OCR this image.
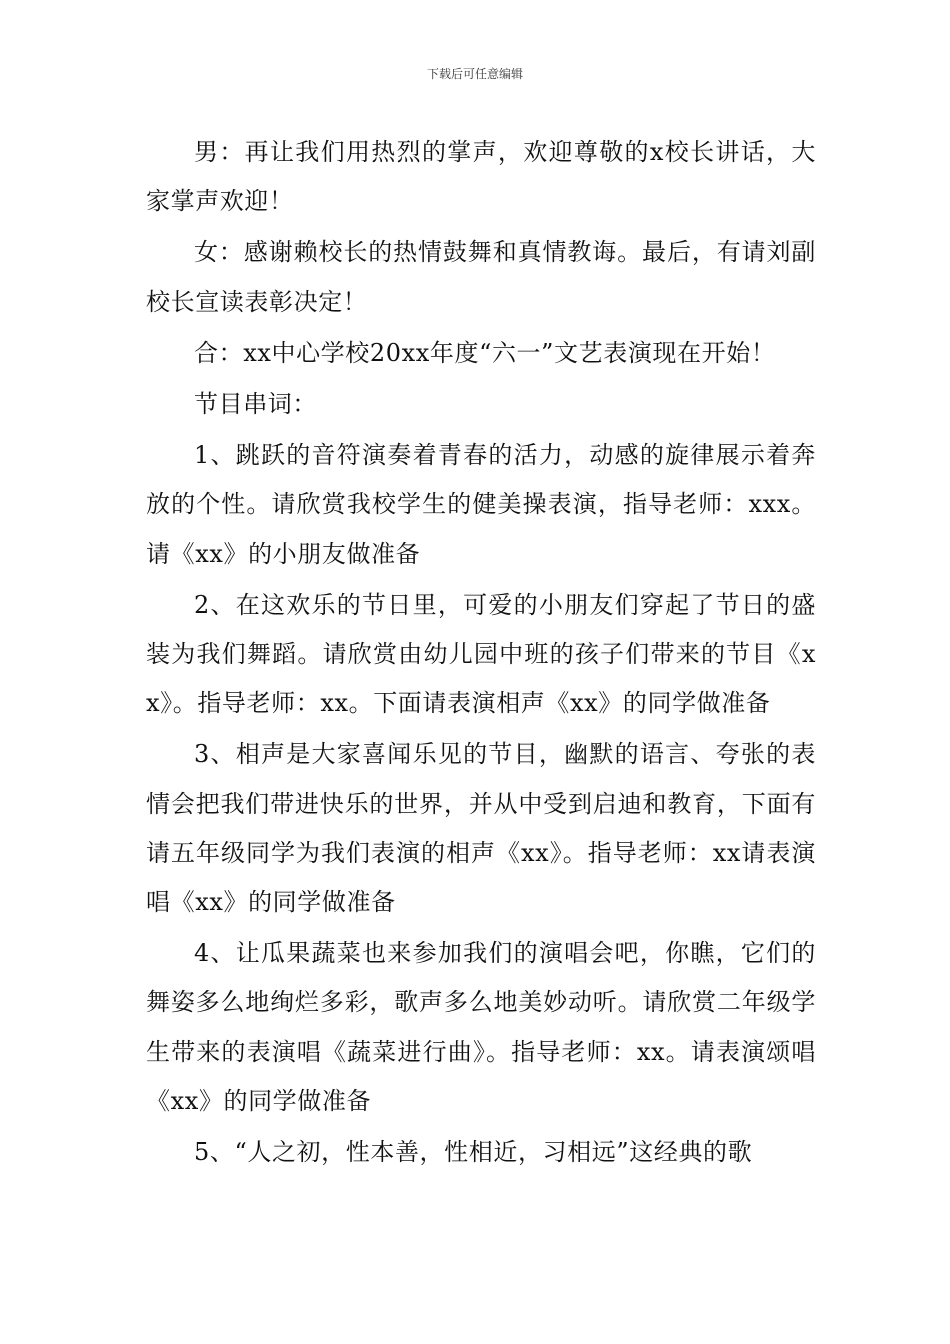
下载后可任意编辑

男：再让我们用热烈的掌声，欢迎尊敬的x校长讲话，大家掌声欢迎！

女：感谢赖校长的热情鼓舞和真情教诲。最后，有请刘副校长宣读表彰决定！

合：xx中心学校20xx年度“六一”文艺表演现在开始！

节目串词：

1、跳跃的音符演奏着青春的活力，动感的旋律展示着奔放的个性。请欣赏我校学生的健美操表演，指导老师：xxx。请《xx》的小朋友做准备

2、在这欢乐的节日里，可爱的小朋友们穿起了节日的盛装为我们舞蹈。请欣赏由幼儿园中班的孩子们带来的节目《xx》。指导老师：xx。下面请表演相声《xx》的同学做准备

3、相声是大家喜闻乐见的节目，幽默的语言、夸张的表情会把我们带进快乐的世界，并从中受到启迪和教育，下面有请五年级同学为我们表演的相声《xx》。指导老师：xx请表演唱《xx》的同学做准备

4、让瓜果蔬菜也来参加我们的演唱会吧，你瞧，它们的舞姿多么地绚烂多彩，歌声多么地美妙动听。请欣赏二年级学生带来的表演唱《蔬菜进行曲》。指导老师：xx。请表演颂唱《xx》的同学做准备

5、“人之初，性本善，性相近，习相远”这经典的歌
